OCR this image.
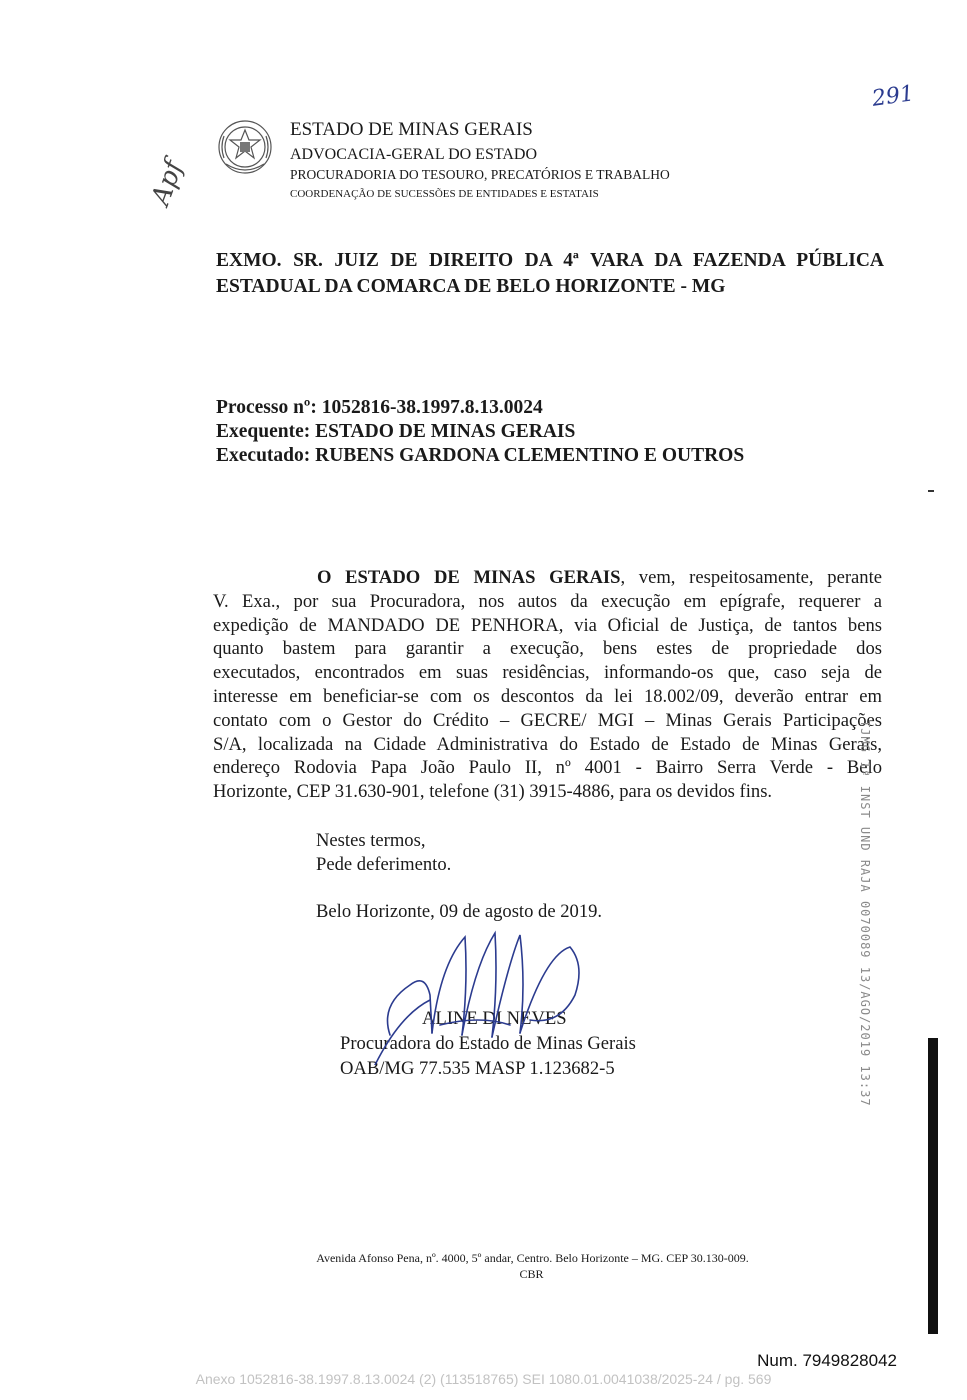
ESTADO DE MINAS GERAIS
ADVOCACIA-GERAL DO ESTADO
PROCURADORIA DO TESOURO, PRECATÓRIOS E TRABALHO
COORDENAÇÃO DE SUCESSÕES DE ENTIDADES E ESTATAIS
291
Apf
EXMO. SR. JUIZ DE DIREITO DA 4ª VARA DA FAZENDA PÚBLICA
ESTADUAL DA COMARCA DE BELO HORIZONTE - MG
Processo nº: 1052816-38.1997.8.13.0024
Exequente: ESTADO DE MINAS GERAIS
Executado: RUBENS GARDONA CLEMENTINO E OUTROS
O ESTADO DE MINAS GERAIS, vem, respeitosamente, perante
V. Exa., por sua Procuradora, nos autos da execução em epígrafe, requerer a
expedição de MANDADO DE PENHORA, via Oficial de Justiça, de tantos bens
quanto bastem para garantir a execução, bens estes de propriedade dos
executados, encontrados em suas residências, informando-os que, caso seja de
interesse em beneficiar-se com os descontos da lei 18.002/09, deverão entrar em
contato com o Gestor do Crédito – GECRE/ MGI – Minas Gerais Participações
S/A, localizada na Cidade Administrativa do Estado de Estado de Minas Gerais,
endereço Rodovia Papa João Paulo II, nº 4001 - Bairro Serra Verde - Belo
Horizonte, CEP 31.630-901, telefone (31) 3915-4886, para os devidos fins.
Nestes termos,
Pede deferimento.
Belo Horizonte, 09 de agosto de 2019.
ALINE DI NEVES
Procuradora do Estado de Minas Gerais
OAB/MG 77.535 MASP 1.123682-5	TJMG 1ª INST UND RAJA 0070089 13/AGO/2019 13:37
Avenida Afonso Pena, nº. 4000, 5º andar, Centro. Belo Horizonte – MG. CEP 30.130-009.
CBR
Num. 7949828042
Anexo 1052816-38.1997.8.13.0024 (2) (113518765) SEI 1080.01.0041038/2025-24 / pg. 569
